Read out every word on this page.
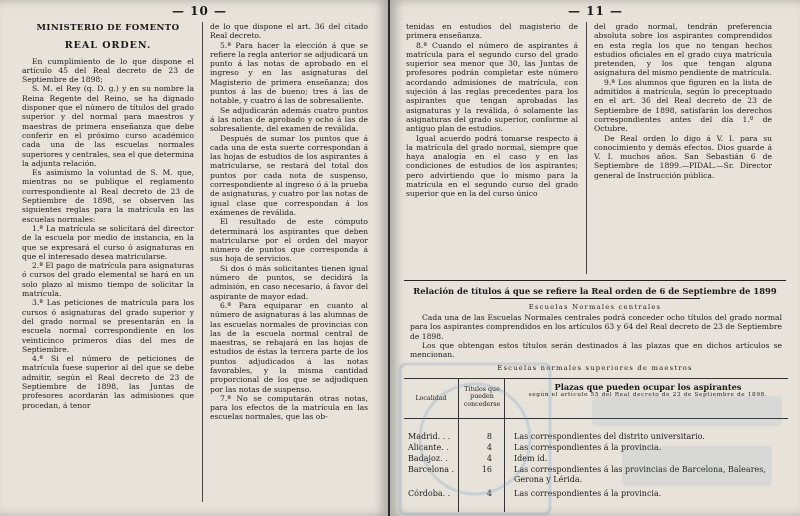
— 10 —
MINISTERIO DE FOMENTO
REAL ORDEN.

En cumplimiento de lo que dispone el artículo 45 del Real decreto de 23 de Septiembre de 1898;

S. M. el Rey (q. D. g.) y en su nombre la Reina Regente del Reino, se ha dignado disponer que el número de títulos del grado superior y del normal para maestros y maestras de primera enseñanza que debe conferir en el próximo curso académico cada una de las escuelas normales superiores y centrales, sea el que determina la adjunta relación.

Es asimismo la voluntad de S. M. que, mientras no se publique el reglamento correspondiente al Real decreto de 23 de Septiembre de 1898, se observen las siguientes reglas para la matrícula en las escuelas normales:

1.ª La matrícula se solicitará del director de la escuela por medio de instancia, en la que se expresará el curso ó asignaturas en que el interesado desea matricularse.

2.ª El pago de matrícula para asignaturas ó cursos del grado elemental se hará en un solo plazo al mismo tiempo de solicitar la matrícula.

3.ª Las peticiones de matrícula para los cursos ó asignaturas del grado superior y del grado normal se presentarán en la escuela normal correspondiente en los veinticinco primeros días del mes de Septiembre.

4.ª Si el número de peticiones de matrícula fuese superior al del que se debe admitir, según el Real decreto de 23 de Septiembre de 1898, las Juntas de profesores acordarán las admisiones que procedan, á tenor

de lo que dispone el art. 36 del citado Real decreto.

5.ª Para hacer la elección á que se refiere la regla anterior se adjudicará un punto á las notas de aprobado en el ingreso y en las asignaturas del Magisterio de primera enseñanza; dos puntos á las de bueno; tres á las de notable, y cuatro á las de sobresaliente.

Se adjudicarán además cuatro puntos á las notas de aprobado y ocho á las de sobresaliente, del examen de reválida.

Después de sumar los puntos que á cada una de esta suerte correspondan á las hojas de estudios de los aspirantes á matricularse, se restará del total dos puntos por cada nota de suspenso, correspondiente al ingreso ó á la prueba de asignaturas, y cuatro por las notas de igual clase que correspondan á los exámenes de reválida.

El resultado de este cómputo determinará los aspirantes que deben matricularse por el orden del mayor número de puntos que corresponda á sus hoja de servicios.

Si dos ó más solicitantes tienen igual número de puntos, se decidirá la admisión, en caso necesario, á favor del aspirante de mayor edad.

6.ª Para equiparar en cuanto al número de asignaturas á las alumnas de las escuelas normales de provincias con las de la escuela normal central de maestras, se rebajará en las hojas de estudios de éstas la tercera parte de los puntos adjudicados á las notas favorables, y la misma cantidad proporcional de los que se adjudiquen por las notas de suspenso.

7.ª No se computarán otras notas, para los efectos de la matrícula en las escuelas normales, que las ob-

— 11 —

tenidas en estudios del magisterio de primera enseñanza.

8.ª Cuando el número de aspirantes á matrícula para el segundo curso del grado superior sea menor que 30, las Juntas de profesores podrán completar este número acordando admisiones de matrícula, con sujeción á las reglas precedentes para los aspirantes que tengan aprobadas las asignaturas y la reválida, ó solamente las asignaturas del grado superior, conforme al antiguo plan de estudios.

Igual acuerdo podrá tomarse respecto á la matrícula del grado normal, siempre que haya analogía en el caso y en las condiciones de estudios de los aspirantes; pero advirtiendo que lo mismo para la matrícula en el segundo curso del grado superior que en la del curso único

del grado normal, tendrán preferencia absoluta sobre los aspirantes comprendidos en esta regla los que no tengan hechos estudios oficiales en el grado cuya matrícula pretenden, y los que tengan alguna asignatura del mismo pendiente de matrícula.

9.ª Los alumnos que figuren en la lista de admitidos á matrícula, según lo preceptuado en el art. 36 del Real decreto de 23 de Septiembre de 1898, satisfarán los derechos correspondientes antes del día 1.º de Octubre.

De Real orden lo digo á V. I. para su conocimiento y demás efectos. Dios guarde á V. I. muchos años. San Sebastián 6 de Septiembre de 1899.—PIDAL.—Sr. Director general de Instrucción pública.

Relación de títulos á que se refiere la Real orden de 6 de Septiembre de 1899
Escuelas Normales centrales

Cada una de las Escuelas Normales centrales podrá conceder ocho títulos del grado normal para los aspirantes comprendidos en los artículos 63 y 64 del Real decreto de 23 de Septiembre de 1898.

Los que obtengan estos títulos serán destinados á las plazas que en dichos artículos se mencionan.

Escuelas normales superiores de maestros
Localidad
Títulos que pueden concederse
Plazas que pueden ocupar los aspirantes
según el artículo 55 del Real decreto de 23 de Septiembre de 1898.
Madrid. . .	8	Las correspondientes del distrito universitario.
Alicante. .	4	Las correspondientes á la provincia.
Badajoz. .	4	Idem íd.
Barcelona .	16	Las correspondientes á las provincias de Barcelona, Baleares, Gerona y Lérida.
Córdoba. .	4	Las correspondientes á la provincia.
